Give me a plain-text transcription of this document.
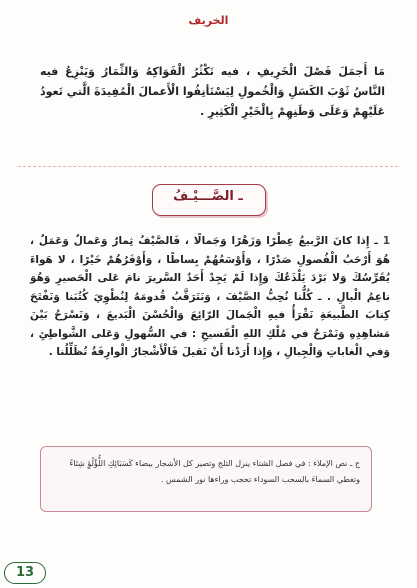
الخريف
مَا أَجمَلَ فَصْلَ الْخَرِيفِ ، فيه تَكْثُرُ الْفَوَاكِهُ وَالثِّمَارُ وَيَنْزِعُ فيه النَّاسُ ثَوْبَ الكَسَلِ وَالْخُمولِ لِيَسْتَأنِفُوا الْأَعمالَ الْمُفِيدَةَ الَّتي تَعودُ عَلَيْهِمْ وَعَلَى وَطَنِهِمْ بِالْخَيْرِ الْكَثِيرِ .
ـ الصَّـــيْـفُ
1 ـ إِذا كانَ الرَّبيعُ عِطْرًا وَزَهْرًا وَجَمالًا ، فَالصَّيْفُ ثِمارٌ وَعَمالٌ وَعَمَلٌ ، هُوَ أَرْحَبُ الْفُصولِ صَدْرًا ، وَأَوْسَعُهُمْ بِساطًا ، وَأَوْفَرُهُمْ خَيْرًا ، لا هَواءَ يُقَرِّسُكَ وَلا بَرْدَ يَلْذَعُكَ وَإِذا لَمْ يَجِدْ أَحَدٌ السَّريرَ نامَ عَلى الْحَصيرِ وَهُوَ ناعِمُ الْبالِ . ـ كُلُّنا نُحِبُّ الصَّيْفَ ، وَنَتَرَقَّبُ قُدومَهُ لِنُطْوِيَ كُتُبَنا وَنَفْتَحَ كِتابَ الطَّبيعَةِ نَقْرَأُ فيهِ الْجَمالَ الرّائِعَ وَالْحُسْنَ الْبَديعَ ، وَنَسْرَحُ بَيْنَ مَشاهِدِهِ وَنَمْرَحُ في مُلْكِ اللهِ الْفَسيحِ : في السُّهولِ وَعَلى الشَّواطِئِ ، وَفي الْغاباتِ وَالْجِبالِ ، وَإِذا أَرَدْنا أَنْ نَقيلَ فَالْأَشْجارُ الْوارِفَةُ تُظَلِّلُنا .
ج ـ نص الإملاء : في فصل الشتاء ينزل الثلج وتصير كل الأشجار بيضاء كَسَبَائِكِ اللُّؤْلُؤِ شِتَاءً وتغطي السماءَ بالسحب السوداء تحجب وراءها نور الشمس .
13
